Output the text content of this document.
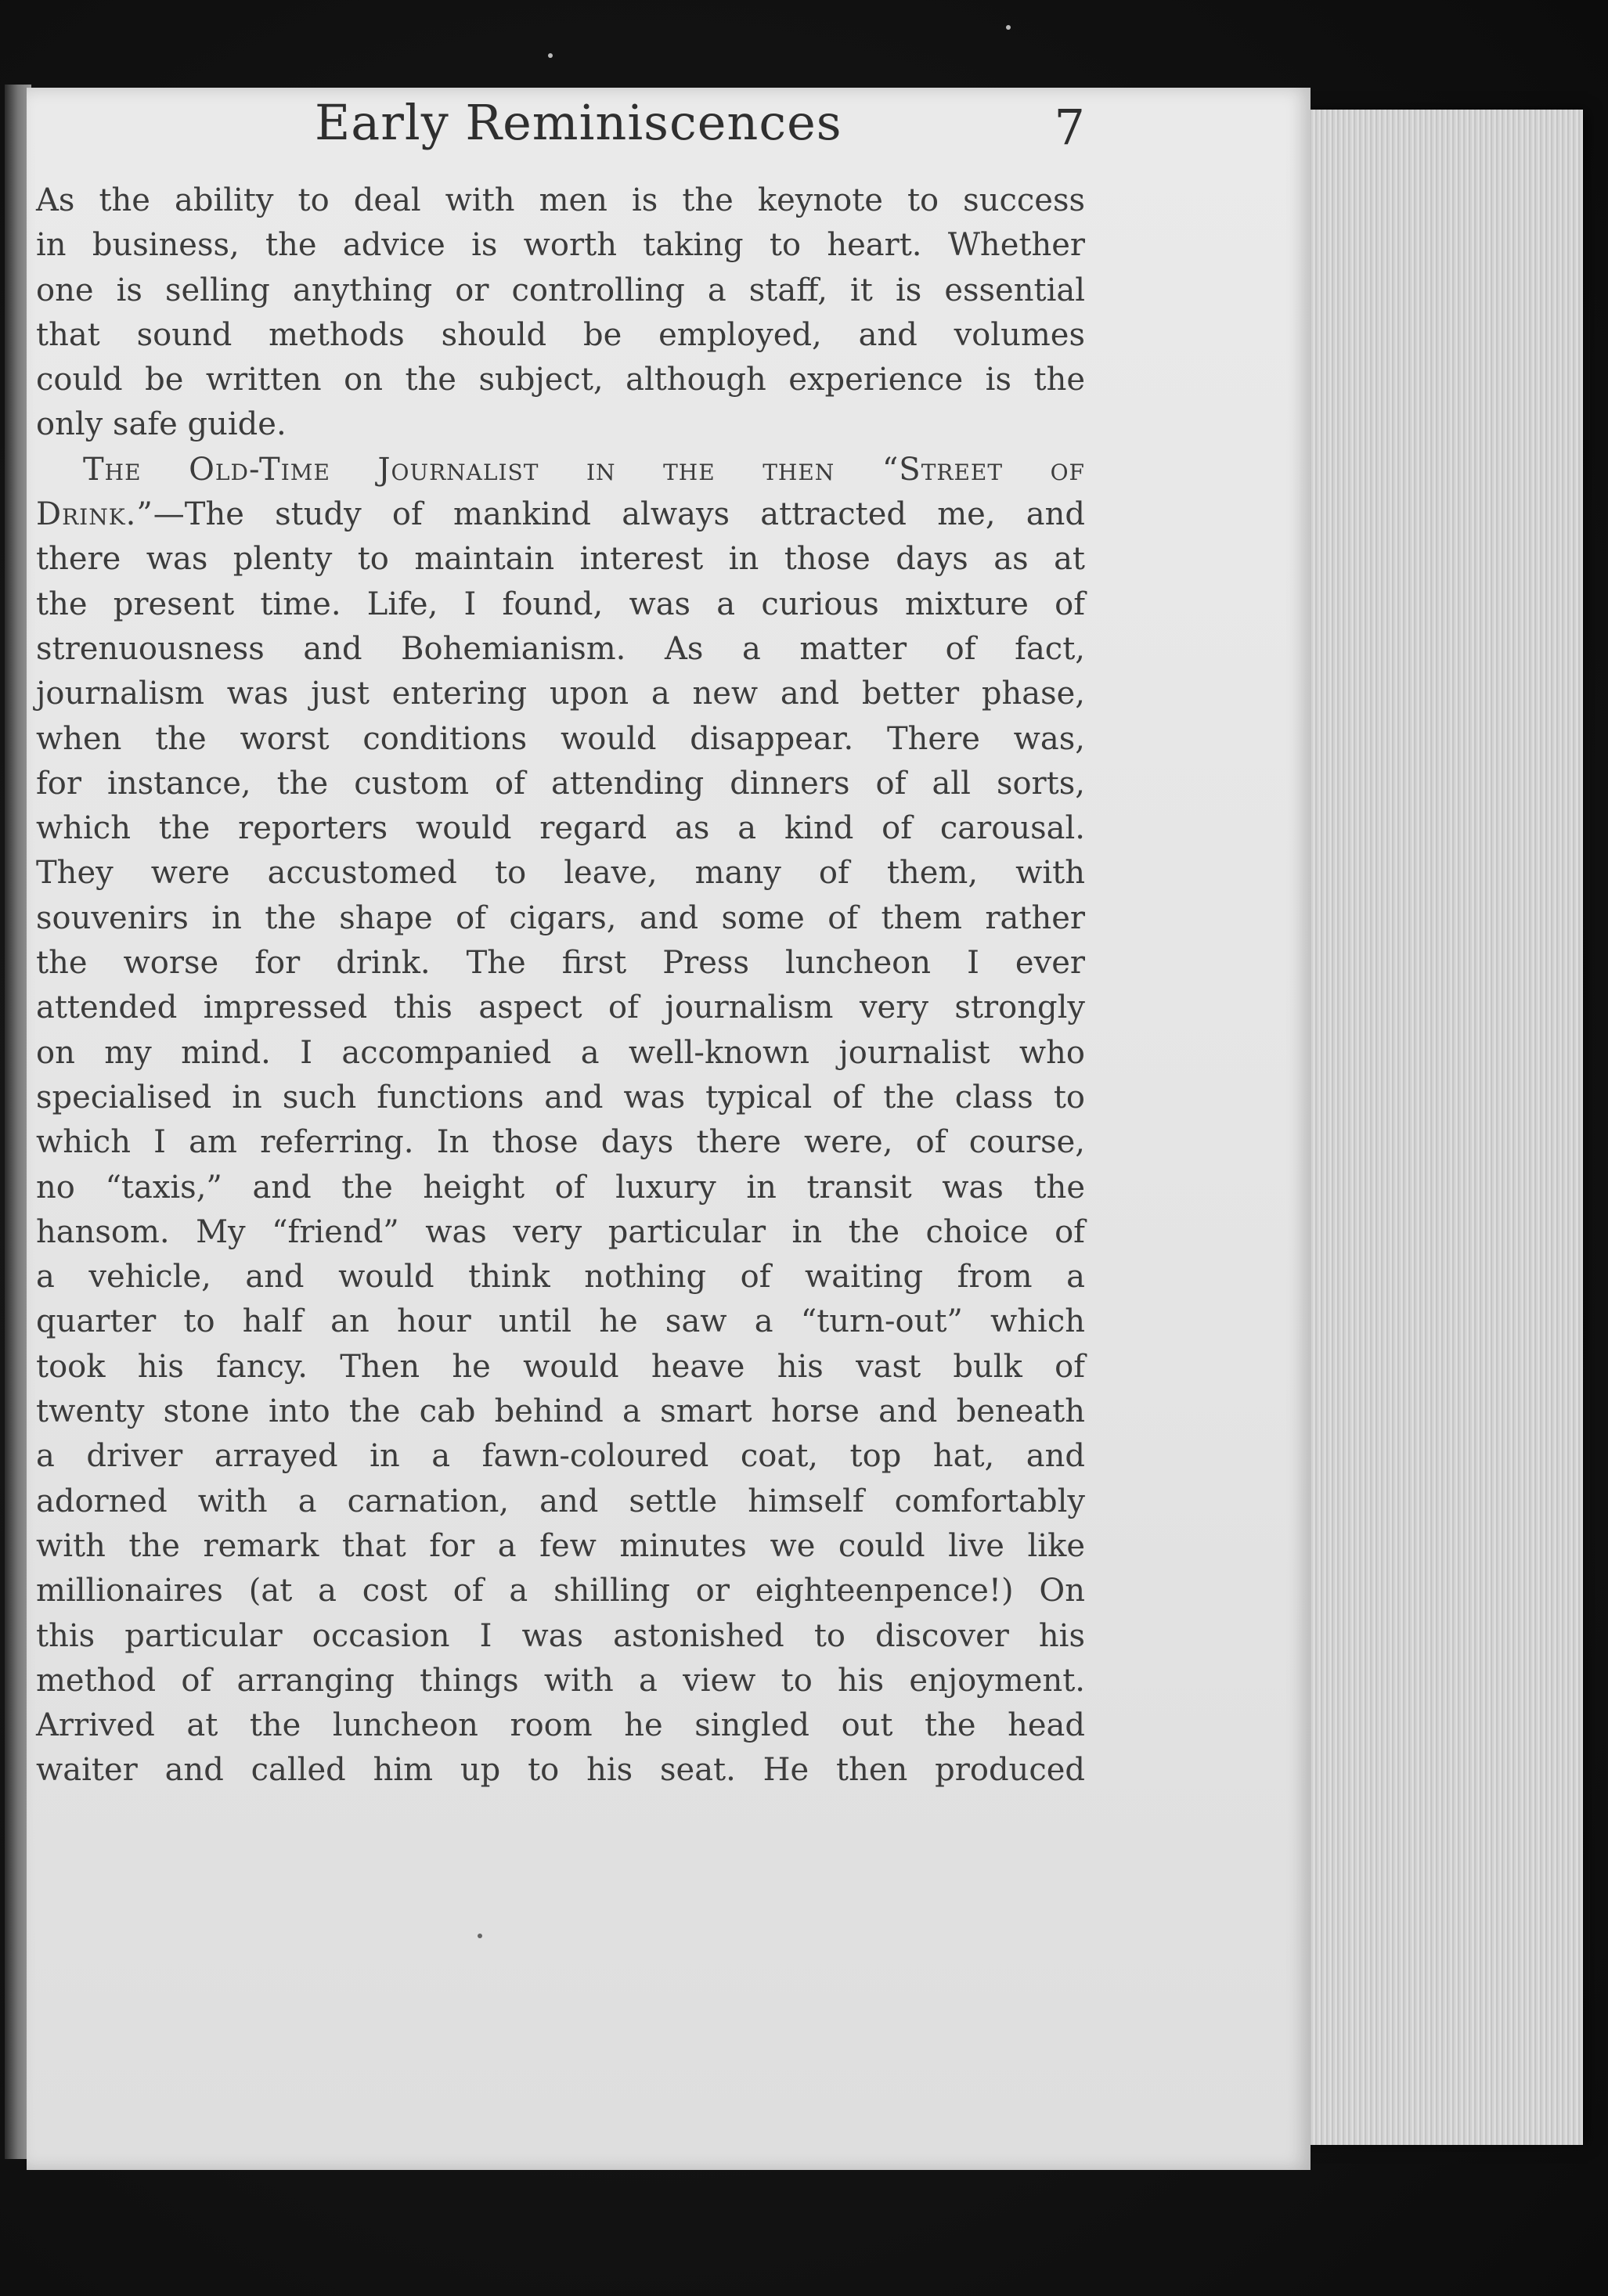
Early Reminiscences	7
As the ability to deal with men is the keynote to success
in business, the advice is worth taking to heart. Whether
one is selling anything or controlling a staff, it is essential
that sound methods should be employed, and volumes
could be written on the subject, although experience is the
only safe guide.
The Old-Time Journalist in the then “Street of
Drink.”—The study of mankind always attracted me, and
there was plenty to maintain interest in those days as at
the present time. Life, I found, was a curious mixture of
strenuousness and Bohemianism. As a matter of fact,
journalism was just entering upon a new and better phase,
when the worst conditions would disappear. There was,
for instance, the custom of attending dinners of all sorts,
which the reporters would regard as a kind of carousal.
They were accustomed to leave, many of them, with
souvenirs in the shape of cigars, and some of them rather
the worse for drink. The first Press luncheon I ever
attended impressed this aspect of journalism very strongly
on my mind. I accompanied a well-known journalist who
specialised in such functions and was typical of the class to
which I am referring. In those days there were, of course,
no “taxis,” and the height of luxury in transit was the
hansom. My “friend” was very particular in the choice of
a vehicle, and would think nothing of waiting from a
quarter to half an hour until he saw a “turn-out” which
took his fancy. Then he would heave his vast bulk of
twenty stone into the cab behind a smart horse and beneath
a driver arrayed in a fawn-coloured coat, top hat, and
adorned with a carnation, and settle himself comfortably
with the remark that for a few minutes we could live like
millionaires (at a cost of a shilling or eighteenpence!) On
this particular occasion I was astonished to discover his
method of arranging things with a view to his enjoyment.
Arrived at the luncheon room he singled out the head
waiter and called him up to his seat. He then produced
